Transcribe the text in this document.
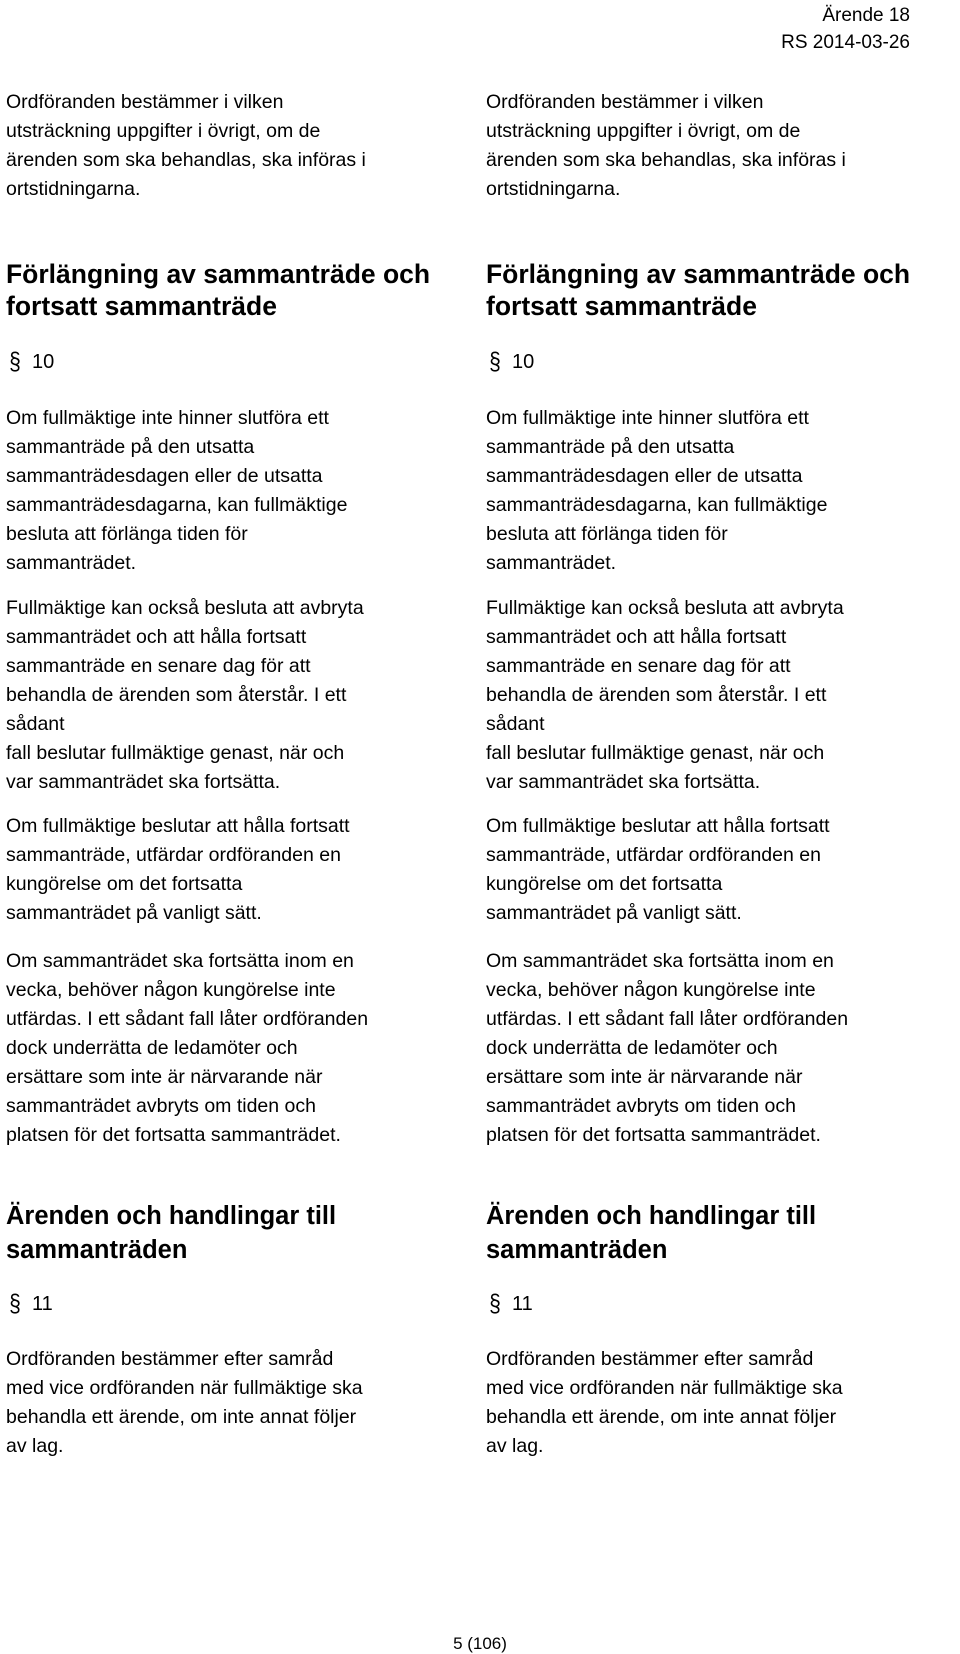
Ärende 18
RS 2014-03-26

Ordföranden bestämmer i vilken
utsträckning uppgifter i övrigt, om de
ärenden som ska behandlas, ska införas i
ortstidningarna.

Förlängning av sammanträde och
fortsatt sammanträde
§ 10

Om fullmäktige inte hinner slutföra ett
sammanträde på den utsatta
sammanträdesdagen eller de utsatta
sammanträdesdagarna, kan fullmäktige
besluta att förlänga tiden för
sammanträdet.

Fullmäktige kan också besluta att avbryta
sammanträdet och att hålla fortsatt
sammanträde en senare dag för att
behandla de ärenden som återstår. I ett
sådant
fall beslutar fullmäktige genast, när och
var sammanträdet ska fortsätta.

Om fullmäktige beslutar att hålla fortsatt
sammanträde, utfärdar ordföranden en
kungörelse om det fortsatta
sammanträdet på vanligt sätt.

Om sammanträdet ska fortsätta inom en
vecka, behöver någon kungörelse inte
utfärdas. I ett sådant fall låter ordföranden
dock underrätta de ledamöter och
ersättare som inte är närvarande när
sammanträdet avbryts om tiden och
platsen för det fortsatta sammanträdet.

Ärenden och handlingar till
sammanträden
§ 11

Ordföranden bestämmer efter samråd
med vice ordföranden när fullmäktige ska
behandla ett ärende, om inte annat följer
av lag.

Ordföranden bestämmer i vilken
utsträckning uppgifter i övrigt, om de
ärenden som ska behandlas, ska införas i
ortstidningarna.

Förlängning av sammanträde och
fortsatt sammanträde
§ 10

Om fullmäktige inte hinner slutföra ett
sammanträde på den utsatta
sammanträdesdagen eller de utsatta
sammanträdesdagarna, kan fullmäktige
besluta att förlänga tiden för
sammanträdet.

Fullmäktige kan också besluta att avbryta
sammanträdet och att hålla fortsatt
sammanträde en senare dag för att
behandla de ärenden som återstår. I ett
sådant
fall beslutar fullmäktige genast, när och
var sammanträdet ska fortsätta.

Om fullmäktige beslutar att hålla fortsatt
sammanträde, utfärdar ordföranden en
kungörelse om det fortsatta
sammanträdet på vanligt sätt.

Om sammanträdet ska fortsätta inom en
vecka, behöver någon kungörelse inte
utfärdas. I ett sådant fall låter ordföranden
dock underrätta de ledamöter och
ersättare som inte är närvarande när
sammanträdet avbryts om tiden och
platsen för det fortsatta sammanträdet.

Ärenden och handlingar till
sammanträden
§ 11

Ordföranden bestämmer efter samråd
med vice ordföranden när fullmäktige ska
behandla ett ärende, om inte annat följer
av lag.

5 (106)
